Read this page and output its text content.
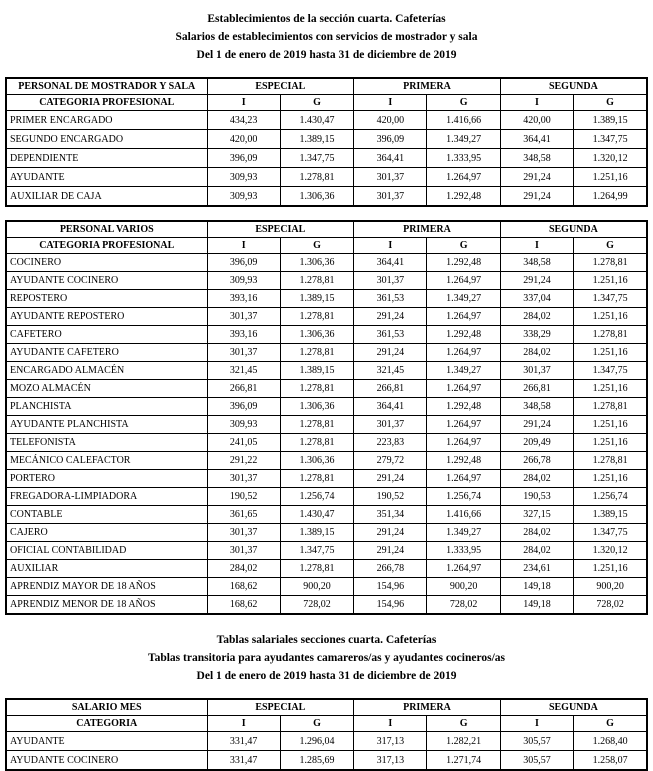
Establecimientos de la sección cuarta. Cafeterías
Salarios de establecimientos con servicios de mostrador y sala
Del 1 de enero de 2019 hasta 31 de diciembre de 2019
PERSONAL DE MOSTRADOR Y SALA	ESPECIAL		PRIMERA		SEGUNDA	
CATEGORIA PROFESIONAL	I	G	I	G	I	G
PRIMER ENCARGADO	434,23	1.430,47	420,00	1.416,66	420,00	1.389,15
SEGUNDO ENCARGADO	420,00	1.389,15	396,09	1.349,27	364,41	1.347,75
DEPENDIENTE	396,09	1.347,75	364,41	1.333,95	348,58	1.320,12
AYUDANTE	309,93	1.278,81	301,37	1.264,97	291,24	1.251,16
AUXILIAR DE CAJA	309,93	1.306,36	301,37	1.292,48	291,24	1.264,99
PERSONAL VARIOS	ESPECIAL		PRIMERA		SEGUNDA	
CATEGORIA PROFESIONAL	I	G	I	G	I	G
COCINERO	396,09	1.306,36	364,41	1.292,48	348,58	1.278,81
AYUDANTE COCINERO	309,93	1.278,81	301,37	1.264,97	291,24	1.251,16
REPOSTERO	393,16	1.389,15	361,53	1.349,27	337,04	1.347,75
AYUDANTE REPOSTERO	301,37	1.278,81	291,24	1.264,97	284,02	1.251,16
CAFETERO	393,16	1.306,36	361,53	1.292,48	338,29	1.278,81
AYUDANTE CAFETERO	301,37	1.278,81	291,24	1.264,97	284,02	1.251,16
ENCARGADO ALMACÉN	321,45	1.389,15	321,45	1.349,27	301,37	1.347,75
MOZO ALMACÉN	266,81	1.278,81	266,81	1.264,97	266,81	1.251,16
PLANCHISTA	396,09	1.306,36	364,41	1.292,48	348,58	1.278,81
AYUDANTE PLANCHISTA	309,93	1.278,81	301,37	1.264,97	291,24	1.251,16
TELEFONISTA	241,05	1.278,81	223,83	1.264,97	209,49	1.251,16
MECÁNICO CALEFACTOR	291,22	1.306,36	279,72	1.292,48	266,78	1.278,81
PORTERO	301,37	1.278,81	291,24	1.264,97	284,02	1.251,16
FREGADORA-LIMPIADORA	190,52	1.256,74	190,52	1.256,74	190,53	1.256,74
CONTABLE	361,65	1.430,47	351,34	1.416,66	327,15	1.389,15
CAJERO	301,37	1.389,15	291,24	1.349,27	284,02	1.347,75
OFICIAL CONTABILIDAD	301,37	1.347,75	291,24	1.333,95	284,02	1.320,12
AUXILIAR	284,02	1.278,81	266,78	1.264,97	234,61	1.251,16
APRENDIZ MAYOR DE 18 AÑOS	168,62	900,20	154,96	900,20	149,18	900,20
APRENDIZ MENOR DE 18 AÑOS	168,62	728,02	154,96	728,02	149,18	728,02
Tablas salariales secciones cuarta. Cafeterías
Tablas transitoria para ayudantes camareros/as y ayudantes cocineros/as
Del 1 de enero de 2019 hasta 31 de diciembre de 2019
SALARIO MES	ESPECIAL		PRIMERA		SEGUNDA	
CATEGORIA	I	G	I	G	I	G
AYUDANTE	331,47	1.296,04	317,13	1.282,21	305,57	1.268,40
AYUDANTE COCINERO	331,47	1.285,69	317,13	1.271,74	305,57	1.258,07
